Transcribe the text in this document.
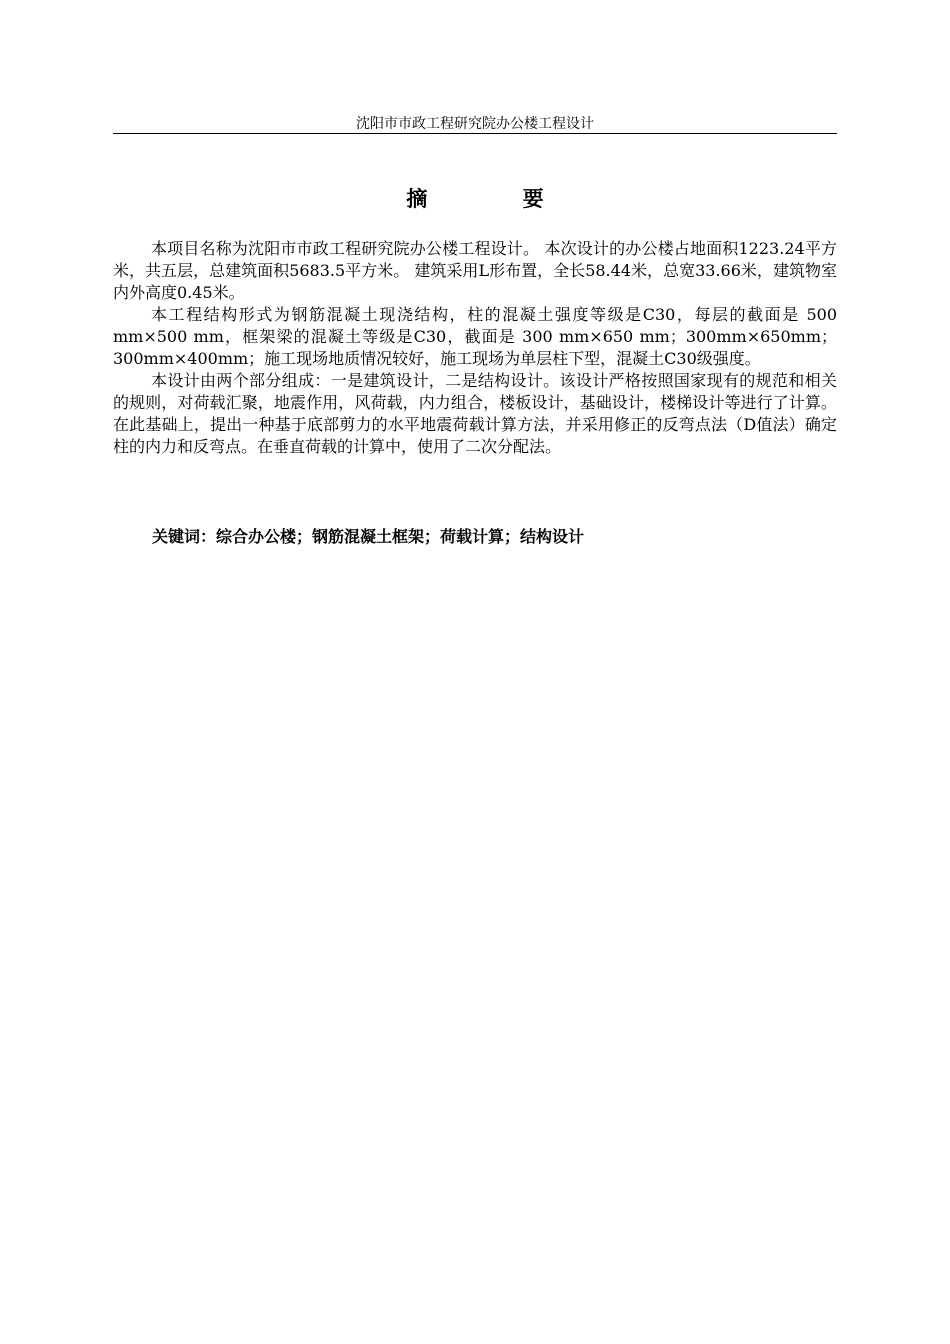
沈阳市市政工程研究院办公楼工程设计
摘 要

本项目名称为沈阳市市政工程研究院办公楼工程设计。 本次设计的办公楼占地面积1223.24平方米，共五层，总建筑面积5683.5平方米。 建筑采用L形布置，全长58.44米，总宽33.66米，建筑物室内外高度0.45米。

本工程结构形式为钢筋混凝土现浇结构，柱的混凝土强度等级是C30，每层的截面是 500 mm×500 mm，框架梁的混凝土等级是C30，截面是 300 mm×650 mm；300mm×650mm；300mm×400mm；施工现场地质情况较好，施工现场为单层柱下型，混凝土C30级强度。

本设计由两个部分组成：一是建筑设计，二是结构设计。该设计严格按照国家现有的规范和相关的规则，对荷载汇聚，地震作用，风荷载，内力组合，楼板设计，基础设计，楼梯设计等进行了计算。在此基础上，提出一种基于底部剪力的水平地震荷载计算方法，并采用修正的反弯点法（D值法）确定柱的内力和反弯点。在垂直荷载的计算中，使用了二次分配法。

关键词：综合办公楼；钢筋混凝土框架；荷载计算；结构设计
